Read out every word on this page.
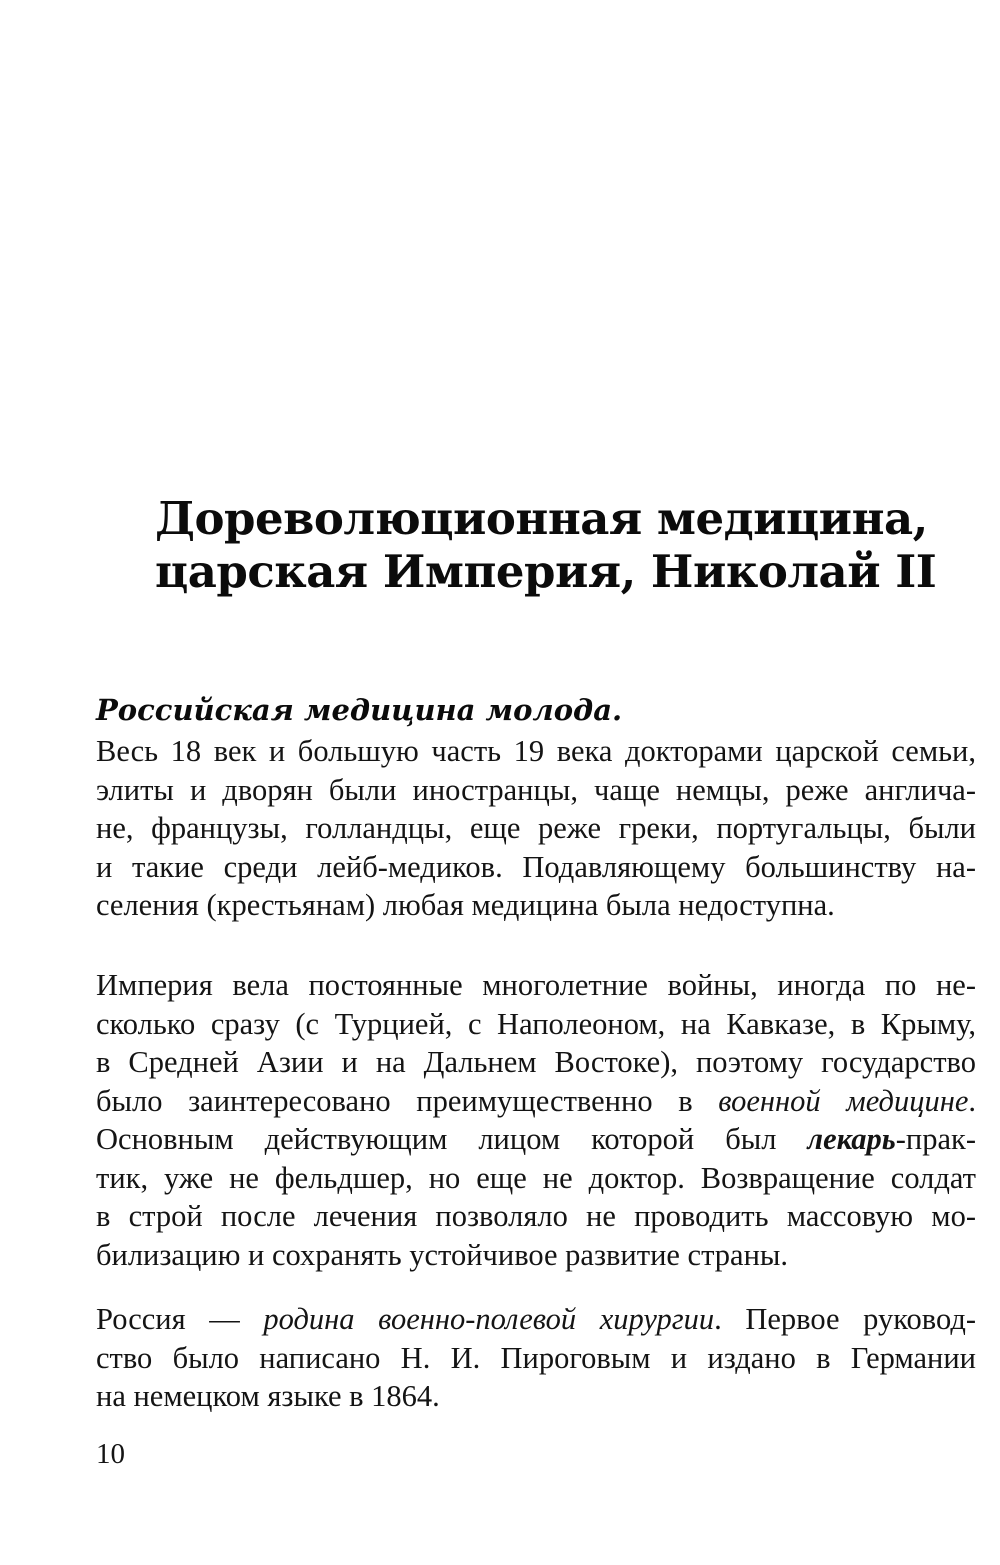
Дореволюционная медицина,
царская Империя, Николай II
Российская медицина молода.

Весь 18 век и большую часть 19 века докторами царской семьи,
элиты и дворян были иностранцы, чаще немцы, реже англича-
не, французы, голландцы, еще реже греки, португальцы, были
и такие среди лейб-медиков. Подавляющему большинству на-
селения (крестьянам) любая медицина была недоступна.

Империя вела постоянные многолетние войны, иногда по не-
сколько сразу (с Турцией, с Наполеоном, на Кавказе, в Крыму,
в Средней Азии и на Дальнем Востоке), поэтому государство
было заинтересовано преимущественно в военной медицине.
Основным действующим лицом которой был лекарь-прак-
тик, уже не фельдшер, но еще не доктор. Возвращение солдат
в строй после лечения позволяло не проводить массовую мо-
билизацию и сохранять устойчивое развитие страны.

Россия — родина военно-полевой хирургии. Первое руковод-
ство было написано Н. И. Пироговым и издано в Германии
на немецком языке в 1864.

10
